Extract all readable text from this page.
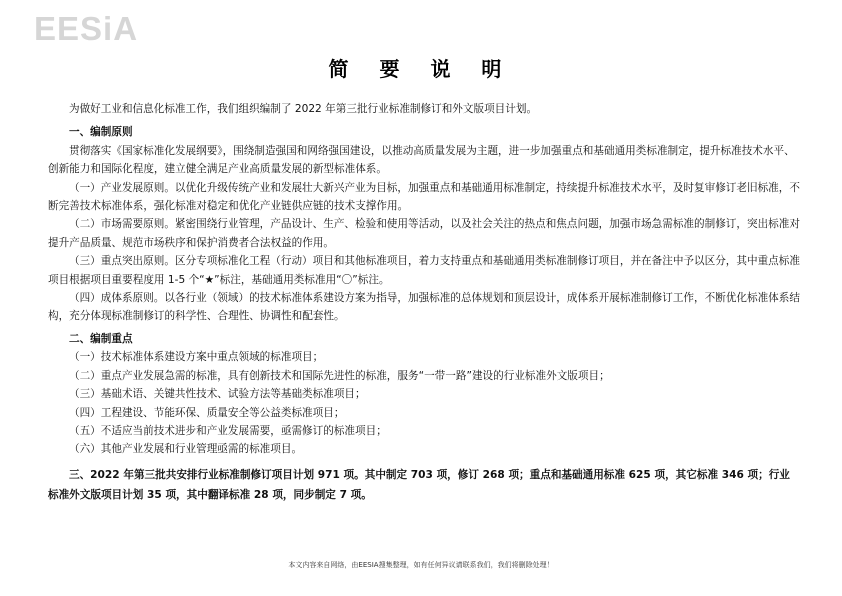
EESiA
简 要 说 明

为做好工业和信息化标准工作，我们组织编制了 2022 年第三批行业标准制修订和外文版项目计划。

一、编制原则

贯彻落实《国家标准化发展纲要》，围绕制造强国和网络强国建设，以推动高质量发展为主题，进一步加强重点和基础通用类标准制定，提升标准技术水平、创新能力和国际化程度，建立健全满足产业高质量发展的新型标准体系。

（一）产业发展原则。以优化升级传统产业和发展壮大新兴产业为目标，加强重点和基础通用标准制定，持续提升标准技术水平，及时复审修订老旧标准，不断完善技术标准体系，强化标准对稳定和优化产业链供应链的技术支撑作用。

（二）市场需要原则。紧密围绕行业管理，产品设计、生产、检验和使用等活动，以及社会关注的热点和焦点问题，加强市场急需标准的制修订，突出标准对提升产品质量、规范市场秩序和保护消费者合法权益的作用。

（三）重点突出原则。区分专项标准化工程（行动）项目和其他标准项目，着力支持重点和基础通用类标准制修订项目，并在备注中予以区分，其中重点标准项目根据项目重要程度用 1-5 个“★”标注，基础通用类标准用“〇”标注。

（四）成体系原则。以各行业（领域）的技术标准体系建设方案为指导，加强标准的总体规划和顶层设计，成体系开展标准制修订工作，不断优化标准体系结构，充分体现标准制修订的科学性、合理性、协调性和配套性。

二、编制重点

（一）技术标准体系建设方案中重点领域的标准项目；

（二）重点产业发展急需的标准，具有创新技术和国际先进性的标准，服务“一带一路”建设的行业标准外文版项目；

（三）基础术语、关键共性技术、试验方法等基础类标准项目；

（四）工程建设、节能环保、质量安全等公益类标准项目；

（五）不适应当前技术进步和产业发展需要，亟需修订的标准项目；

（六）其他产业发展和行业管理亟需的标准项目。

三、2022 年第三批共安排行业标准制修订项目计划 971 项。其中制定 703 项，修订 268 项；重点和基础通用标准 625 项，其它标准 346 项；行业标准外文版项目计划 35 项，其中翻译标准 28 项，同步制定 7 项。

本文内容来自网络，由EESIA搜集整理，如有任何异议请联系我们，我们将删除处理！
